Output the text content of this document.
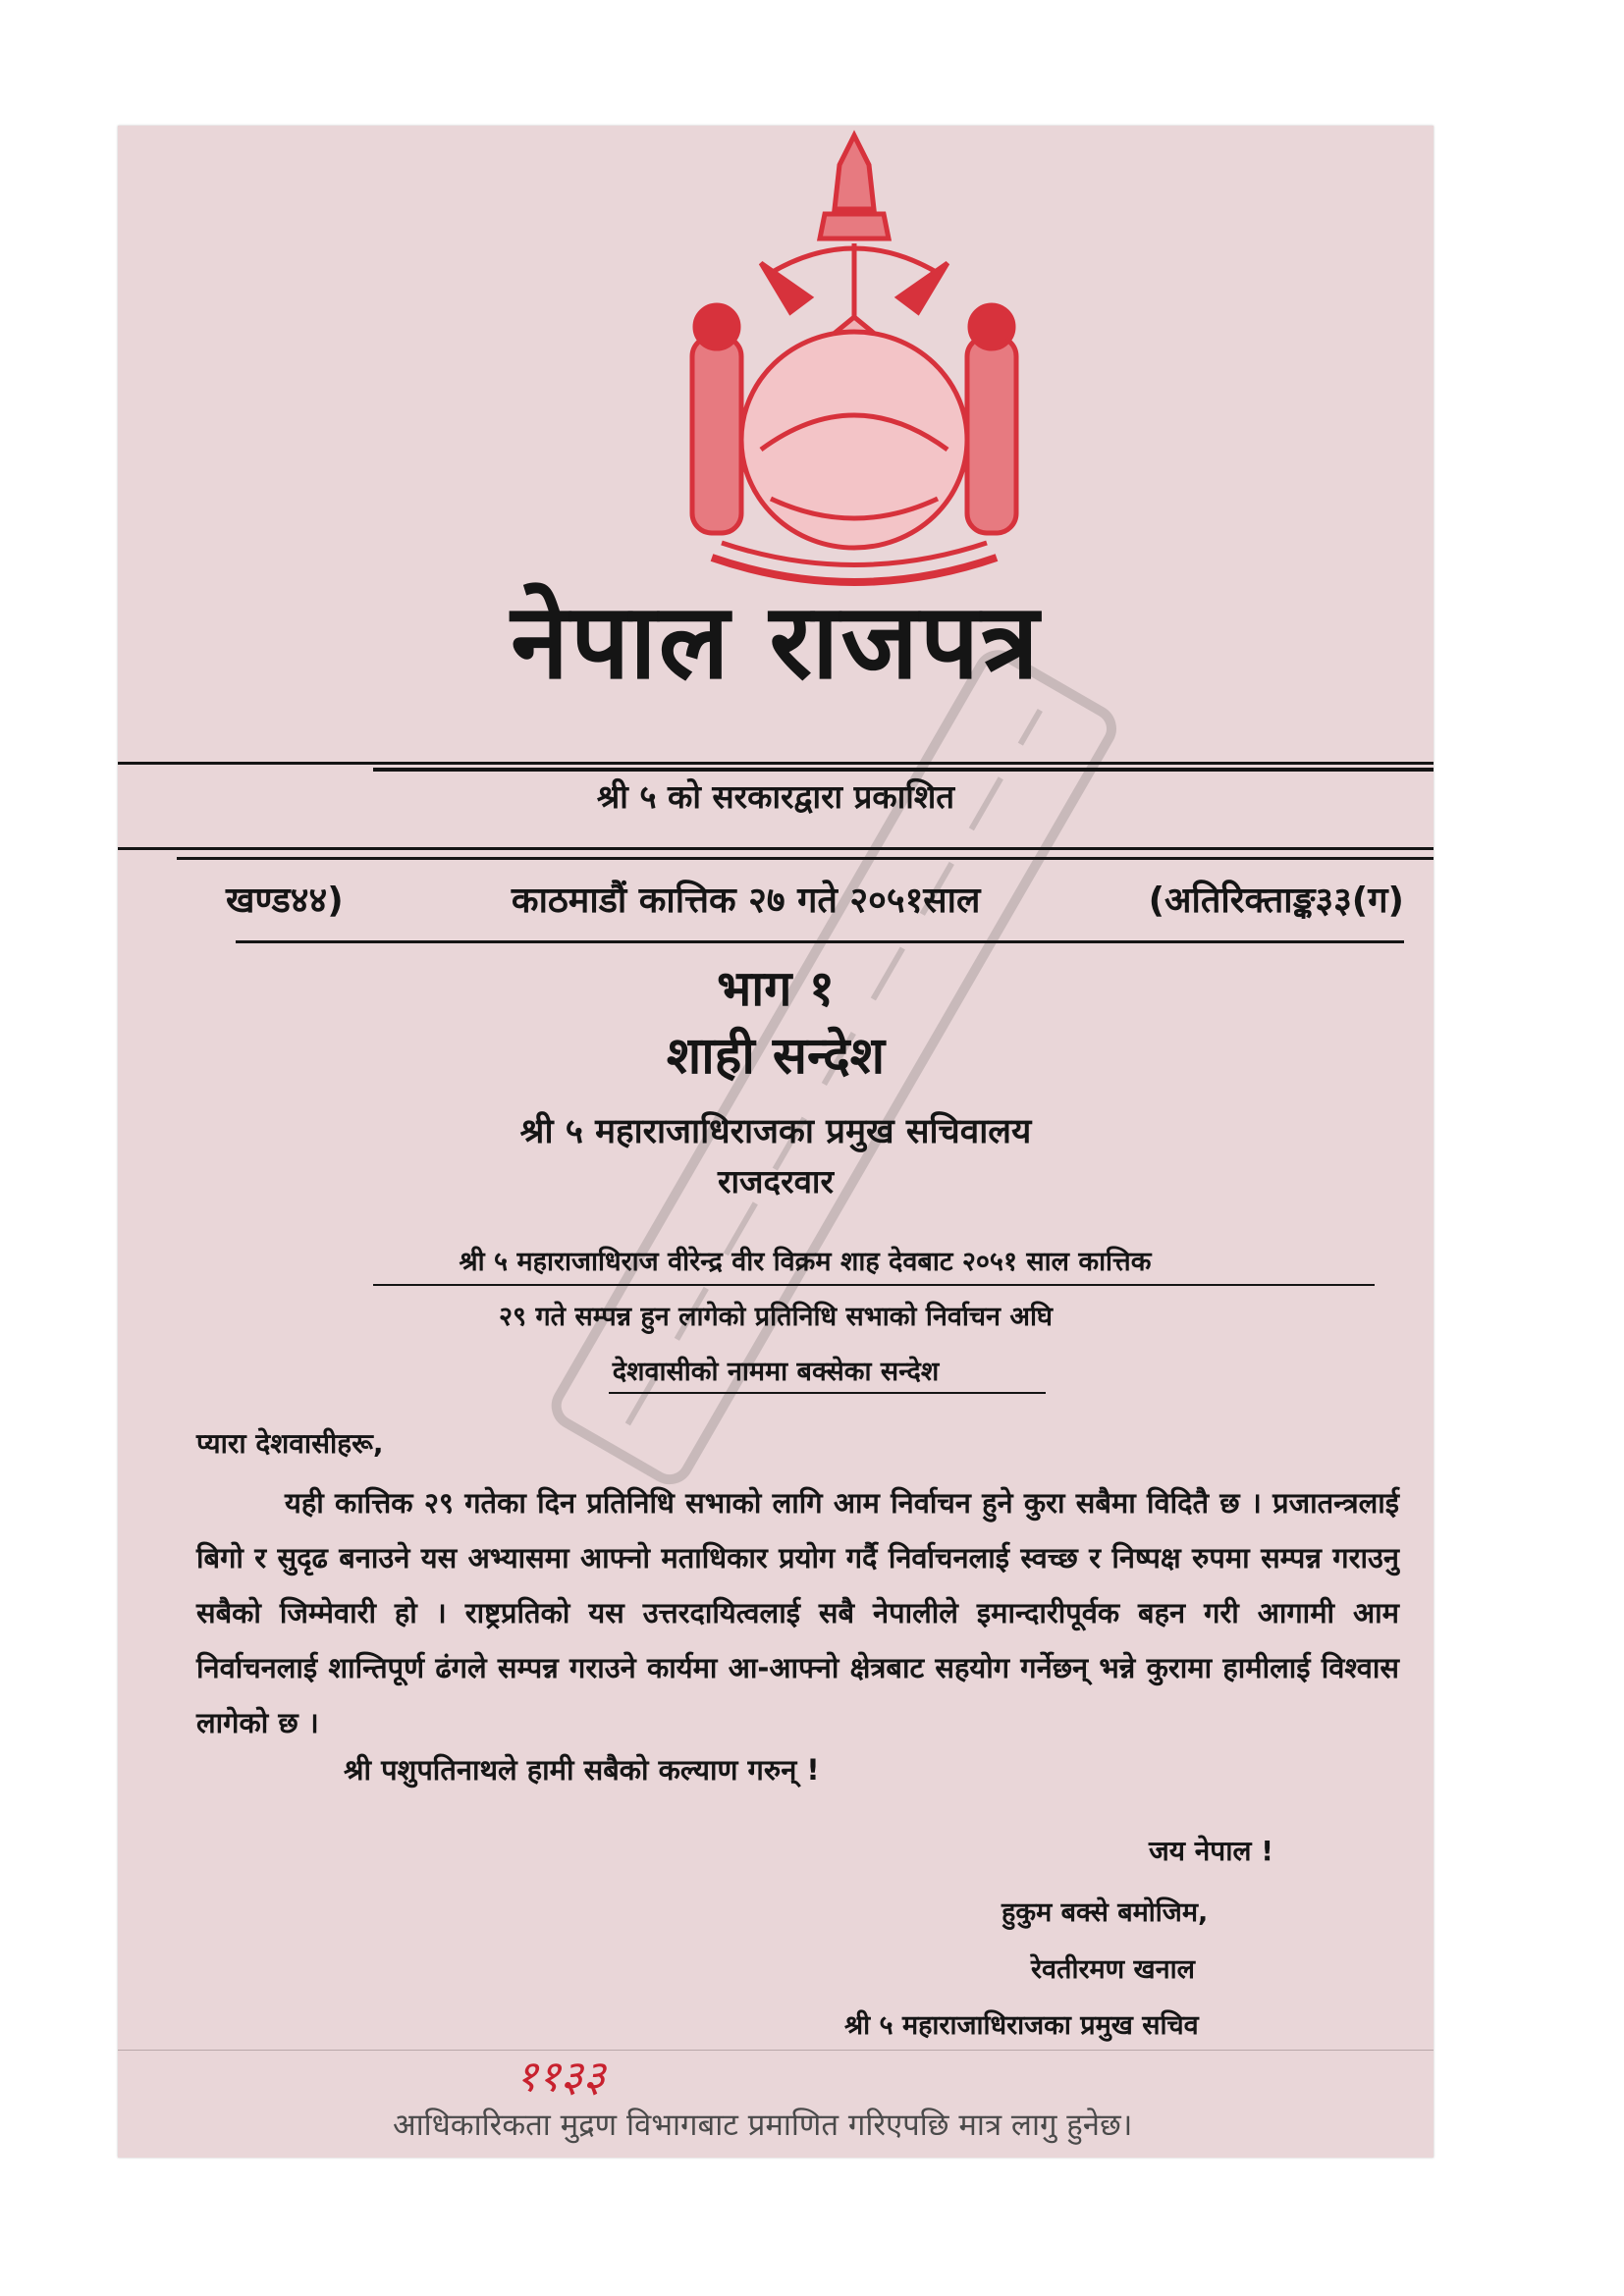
नेपाल राजपत्र
श्री ५ को सरकारद्वारा प्रकाशित
खण्ड४४)	काठमाडौं कात्तिक २७ गते २०५१साल	(अतिरिक्ताङ्क३३(ग)
भाग १
शाही सन्देश
श्री ५ महाराजाधिराजका प्रमुख सचिवालय
राजदरवार
श्री ५ महाराजाधिराज वीरेन्द्र वीर विक्रम शाह देवबाट २०५१ साल कात्तिक
२९ गते सम्पन्न हुन लागेको प्रतिनिधि सभाको निर्वाचन अघि
देशवासीको नाममा बक्सेका सन्देश
प्यारा देशवासीहरू,
यही कात्तिक २९ गतेका दिन प्रतिनिधि सभाको लागि आम निर्वाचन हुने कुरा सबैमा विदितै छ । प्रजातन्त्रलाई बिगो र सुदृढ बनाउने यस अभ्यासमा आफ्नो मताधिकार प्रयोग गर्दै निर्वाचनलाई स्वच्छ र निष्पक्ष रुपमा सम्पन्न गराउनु सबैको जिम्मेवारी हो । राष्ट्रप्रतिको यस उत्तरदायित्वलाई सबै नेपालीले इमान्दारीपूर्वक बहन गरी आगामी आम निर्वाचनलाई शान्तिपूर्ण ढंगले सम्पन्न गराउने कार्यमा आ-आफ्नो क्षेत्रबाट सहयोग गर्नेछन् भन्ने कुरामा हामीलाई विश्वास लागेको छ ।
श्री पशुपतिनाथले हामी सबैको कल्याण गरुन् !
जय नेपाल !
हुकुम बक्से बमोजिम,
रेवतीरमण खनाल
श्री ५ महाराजाधिराजका प्रमुख सचिव
११३३
आधिकारिकता मुद्रण विभागबाट प्रमाणित गरिएपछि मात्र लागु हुनेछ।
